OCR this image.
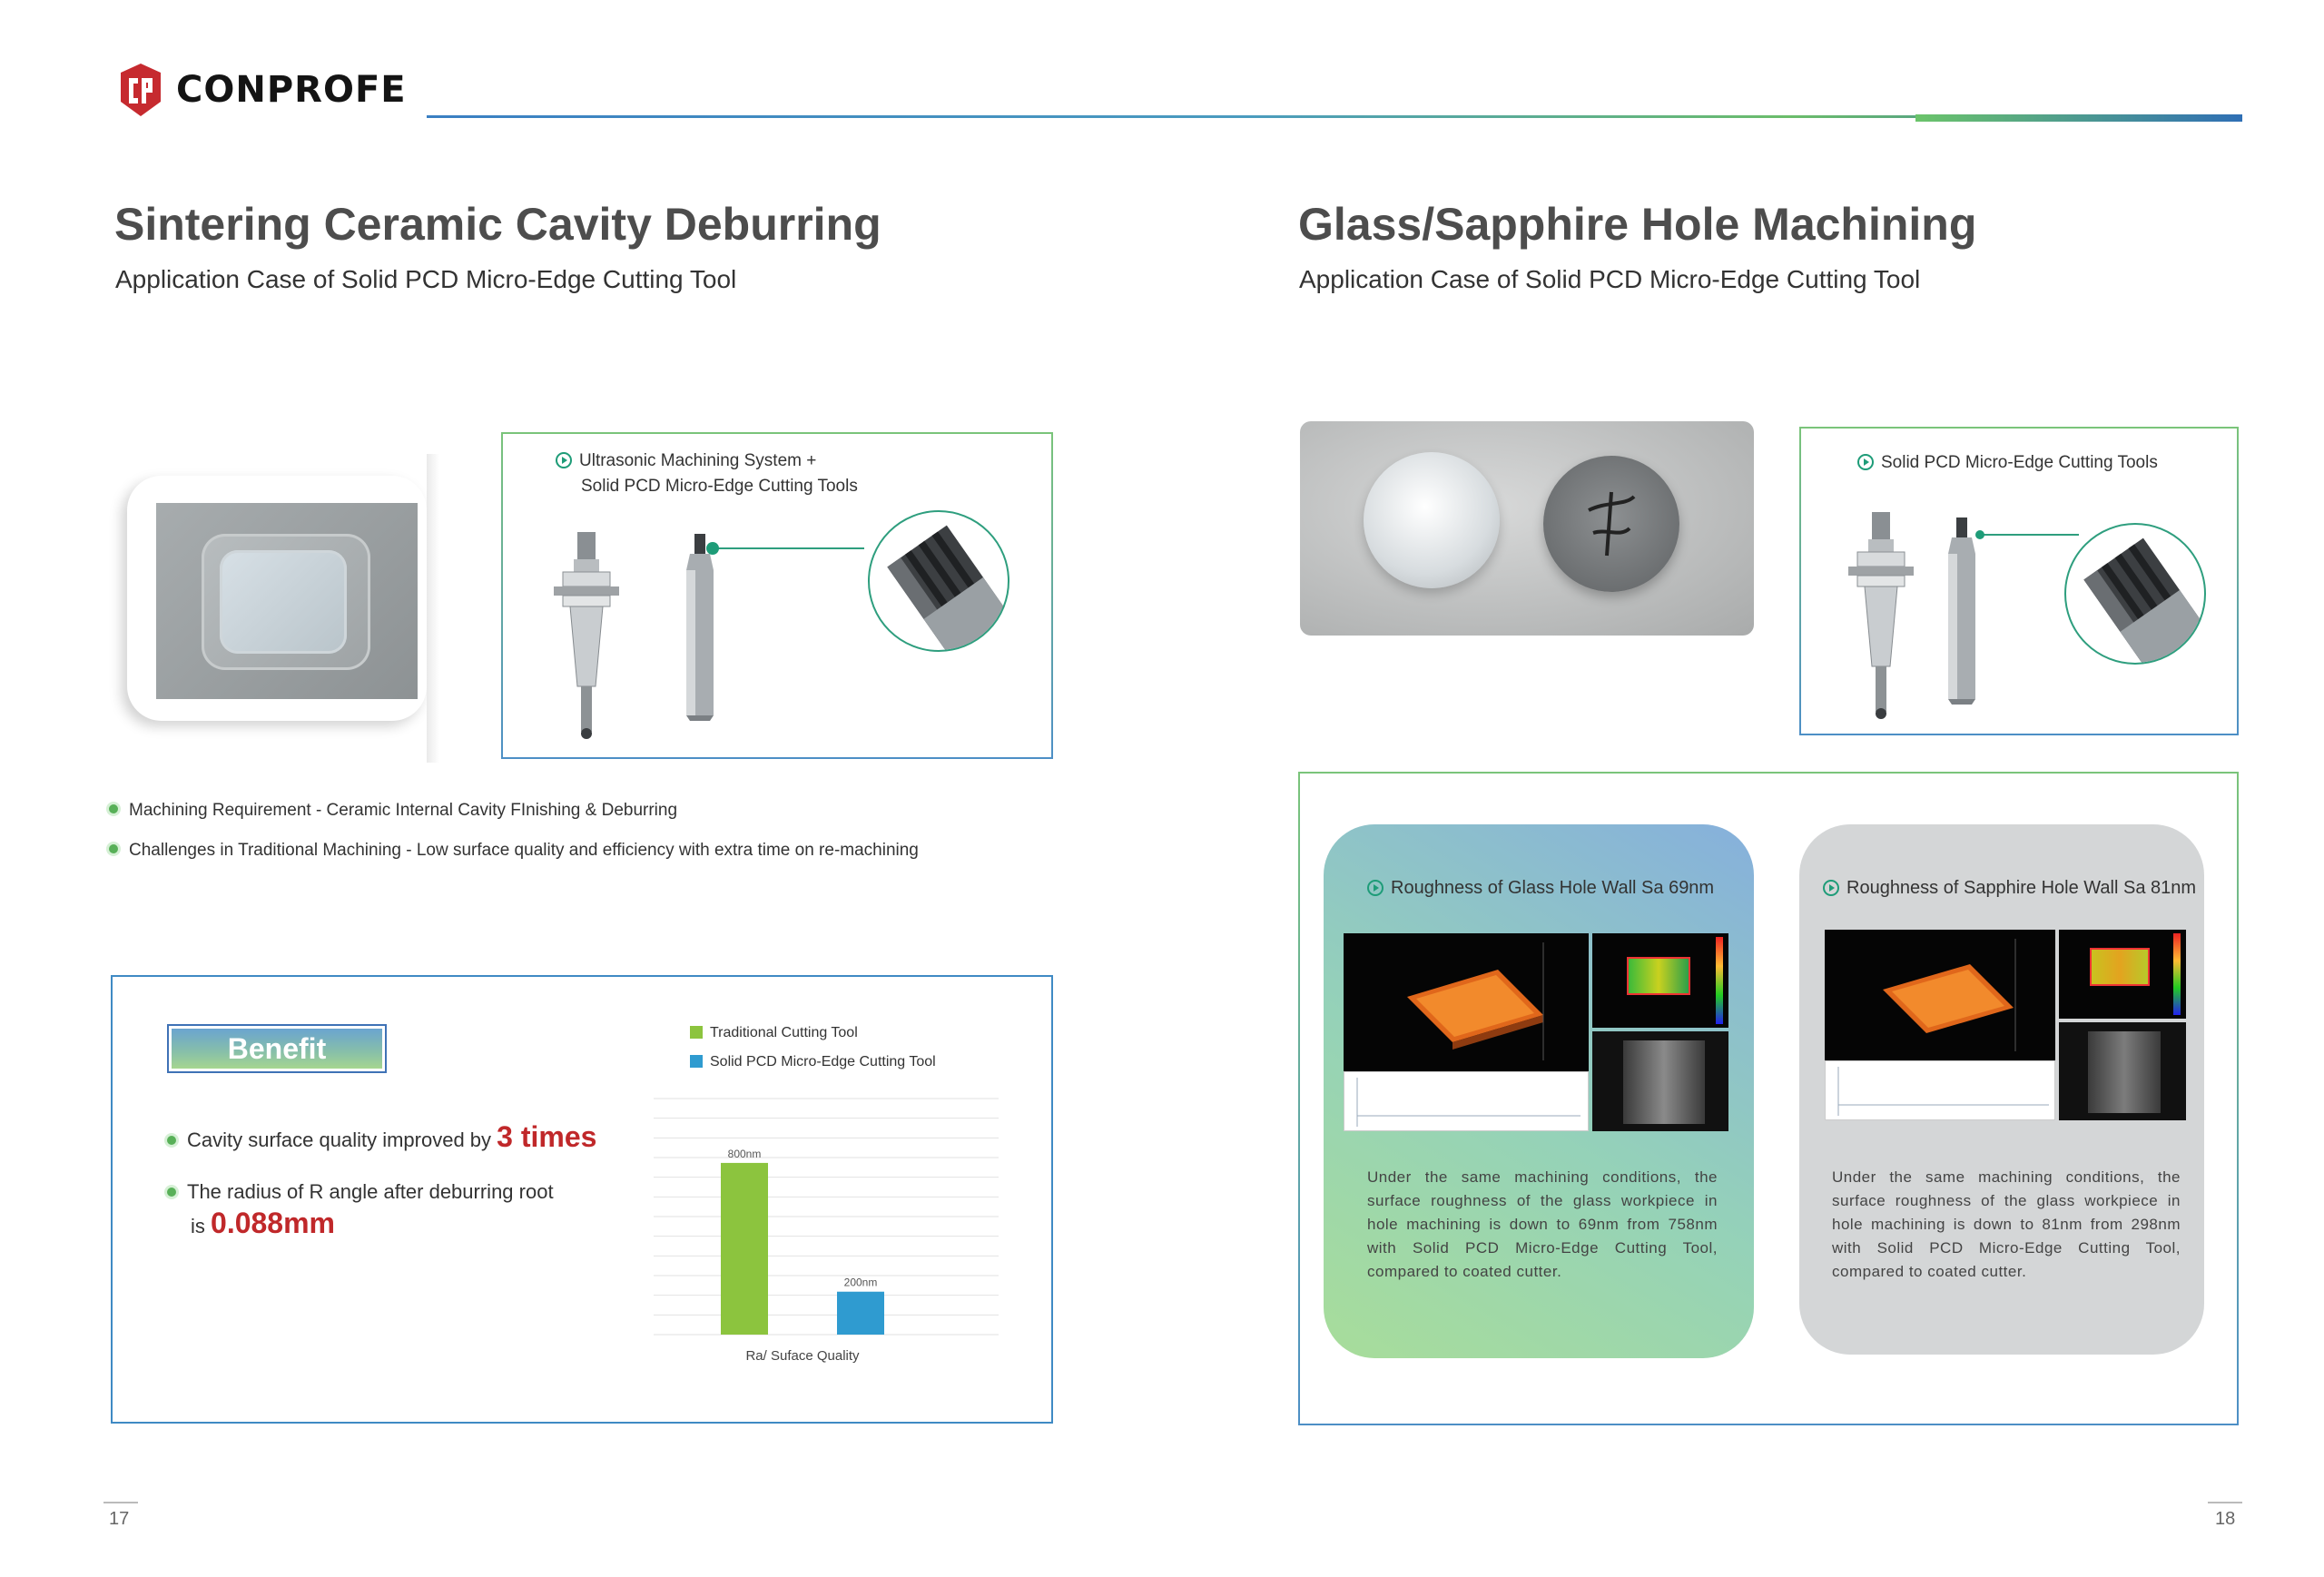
CONPROFE
Sintering Ceramic Cavity Deburring
Application Case of Solid PCD Micro-Edge Cutting Tool
Ultrasonic Machining System +
Solid PCD Micro-Edge Cutting Tools
Machining Requirement - Ceramic Internal Cavity FInishing & Deburring
Challenges in Traditional Machining - Low surface quality and efficiency with extra time on re-machining
Benefit
Cavity surface quality improved by 3 times
The radius of R angle after deburring root
is 0.088mm
Traditional Cutting Tool
Solid PCD Micro-Edge Cutting Tool
800nm
200nm
Ra/ Suface Quality
Glass/Sapphire Hole Machining
Application Case of Solid PCD Micro-Edge Cutting Tool
Solid PCD Micro-Edge Cutting Tools
Roughness of Glass Hole Wall Sa 69nm
Under the same machining conditions, the surface roughness of the glass workpiece in hole machining is down to 69nm from 758nm with Solid PCD Micro-Edge Cutting Tool, compared to coated cutter.
Roughness of Sapphire Hole Wall Sa 81nm
Under the same machining conditions, the surface roughness of the glass workpiece in hole machining is down to 81nm from 298nm with Solid PCD Micro-Edge Cutting Tool, compared to coated cutter.
17	18
